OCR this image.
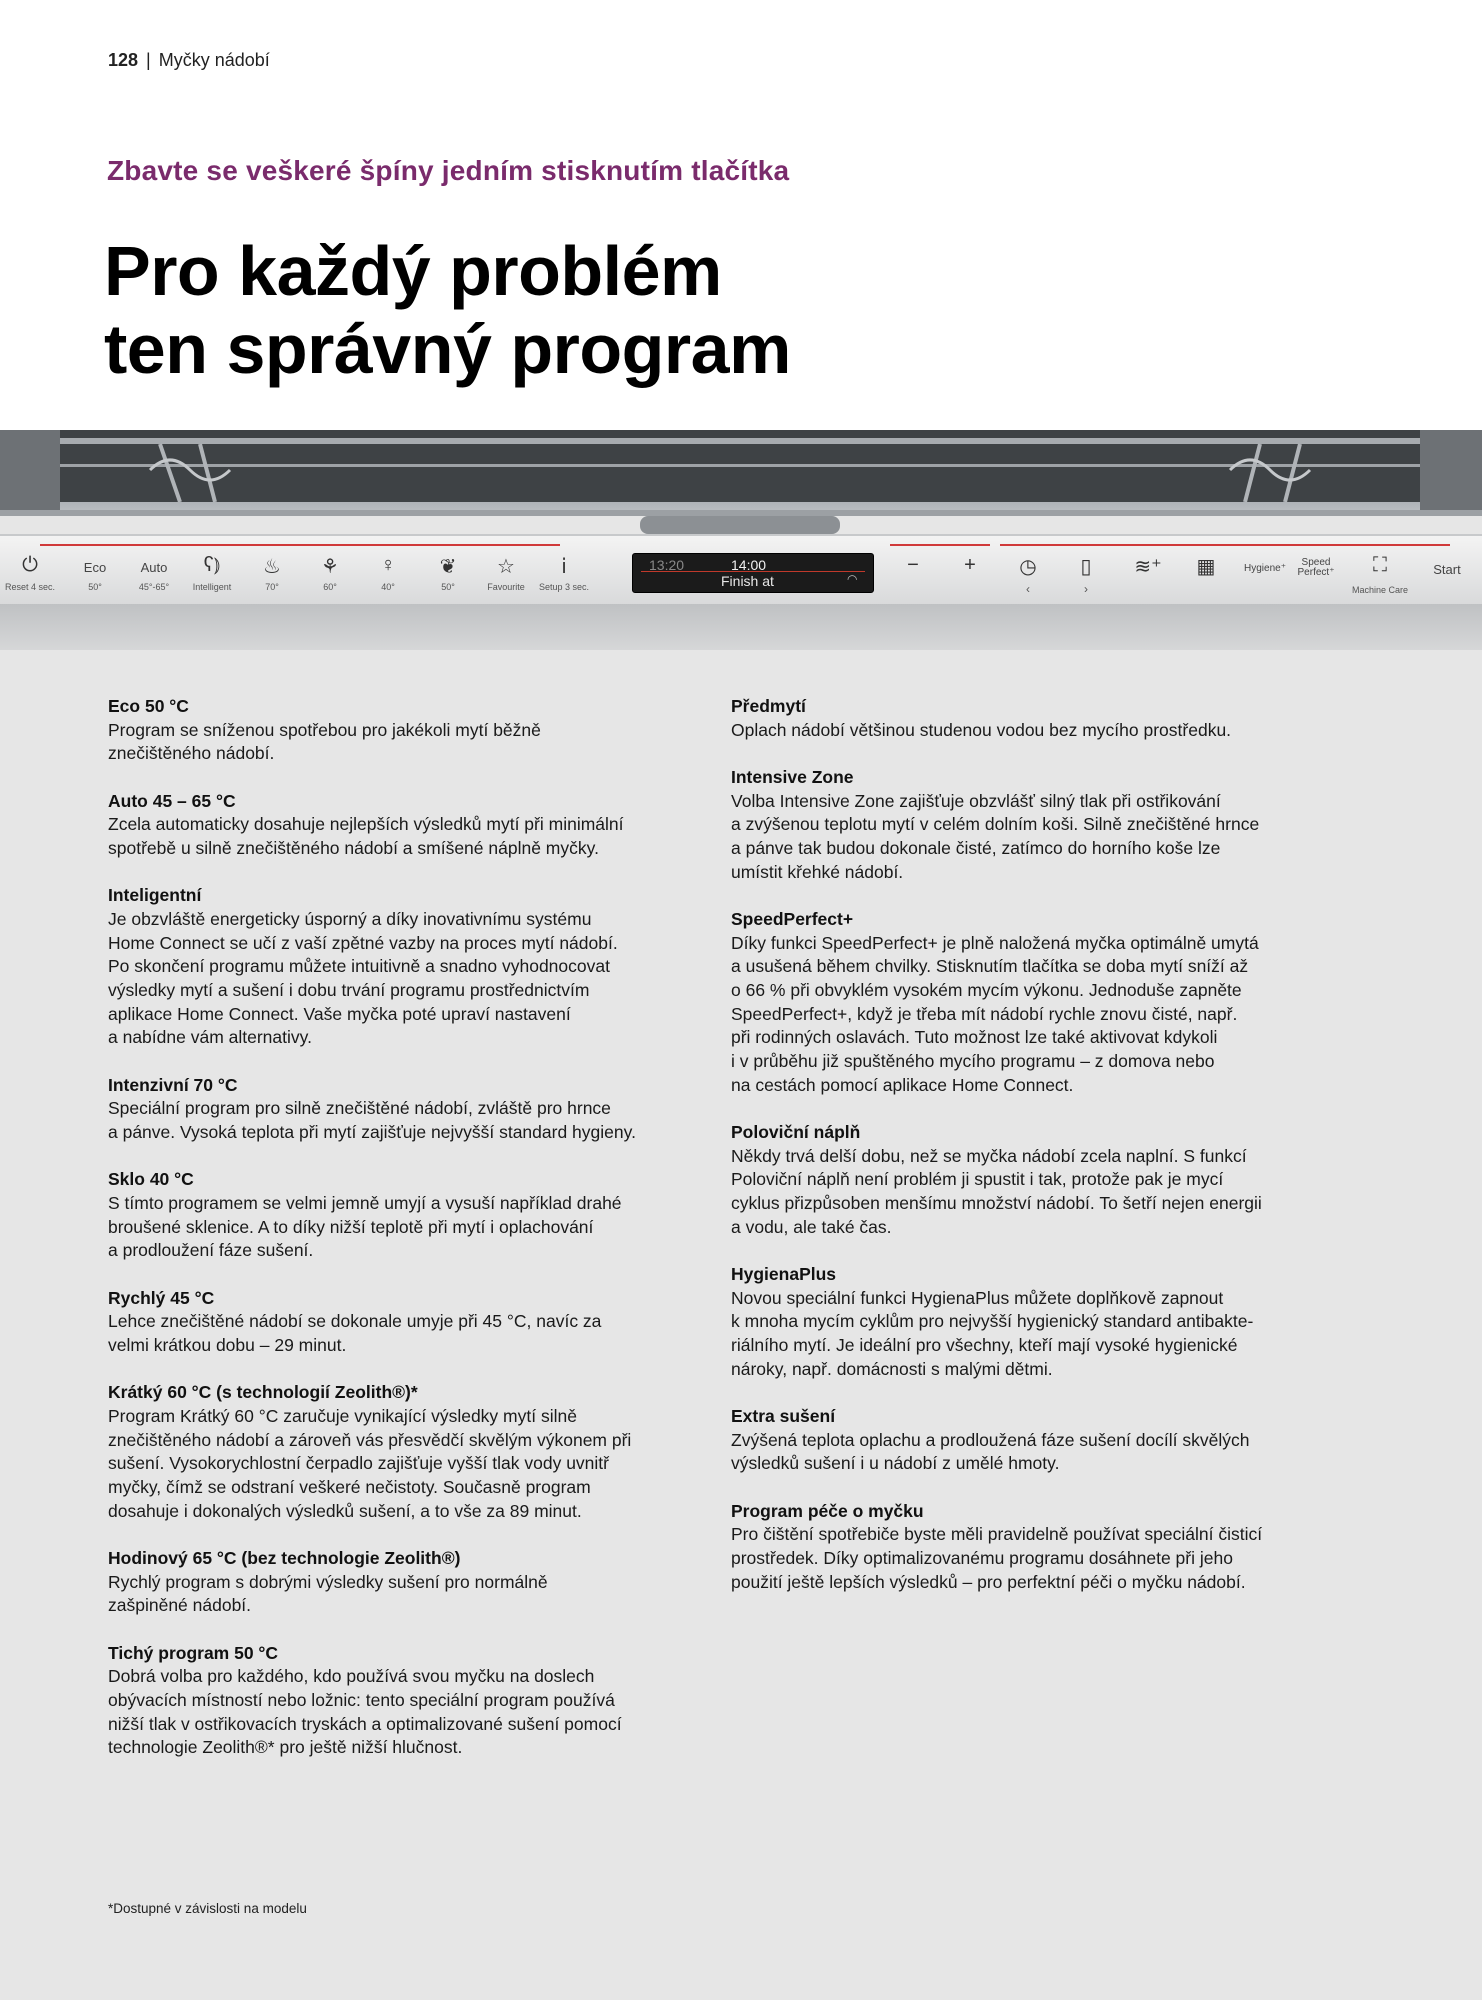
128 | Myčky nádobí
Zbavte se veškeré špíny jedním stisknutím tlačítka
Pro každý problém
ten správný program
⏻
Reset 4 sec.
Eco
50°
Auto
45°-65°
ʕ⦆
Intelligent
♨
70°
⚘
60°
♀
40°
❦
50°
☆
Favourite
ⅰ
Setup 3 sec.
13:20	14:00
Finish at	◠
−	+	◷
‹
▯
›
≋⁺	▦	Hygiene⁺
Speed Perfect⁺	⛶
Machine Care
Start
Eco 50 °C

Program se sníženou spotřebou pro jakékoli mytí běžně
znečištěného nádobí.

Auto 45 – 65 °C

Zcela automaticky dosahuje nejlepších výsledků mytí při minimální
spotřebě u silně znečištěného nádobí a smíšené náplně myčky.

Inteligentní

Je obzvláště energeticky úsporný a díky inovativnímu systému
Home Connect se učí z vaší zpětné vazby na proces mytí nádobí.
Po skončení programu můžete intuitivně a snadno vyhodnocovat
výsledky mytí a sušení i dobu trvání programu prostřednictvím
aplikace Home Connect. Vaše myčka poté upraví nastavení
a nabídne vám alternativy.

Intenzivní 70 °C

Speciální program pro silně znečištěné nádobí, zvláště pro hrnce
a pánve. Vysoká teplota při mytí zajišťuje nejvyšší standard hygieny.

Sklo 40 °C

S tímto programem se velmi jemně umyjí a vysuší například drahé
broušené sklenice. A to díky nižší teplotě při mytí i oplachování
a prodloužení fáze sušení.

Rychlý 45 °C

Lehce znečištěné nádobí se dokonale umyje při 45 °C, navíc za
velmi krátkou dobu – 29 minut.

Krátký 60 °C (s technologií Zeolith®)*

Program Krátký 60 °C zaručuje vynikající výsledky mytí silně
znečištěného nádobí a zároveň vás přesvědčí skvělým výkonem při
sušení. Vysokorychlostní čerpadlo zajišťuje vyšší tlak vody uvnitř
myčky, čímž se odstraní veškeré nečistoty. Současně program
dosahuje i dokonalých výsledků sušení, a to vše za 89 minut.

Hodinový 65 °C (bez technologie Zeolith®)

Rychlý program s dobrými výsledky sušení pro normálně
zašpiněné nádobí.

Tichý program 50 °C

Dobrá volba pro každého, kdo používá svou myčku na doslech
obývacích místností nebo ložnic: tento speciální program používá
nižší tlak v ostřikovacích tryskách a optimalizované sušení pomocí
technologie Zeolith®* pro ještě nižší hlučnost.

Předmytí

Oplach nádobí většinou studenou vodou bez mycího prostředku.

Intensive Zone

Volba Intensive Zone zajišťuje obzvlášť silný tlak při ostřikování
a zvýšenou teplotu mytí v celém dolním koši. Silně znečištěné hrnce
a pánve tak budou dokonale čisté, zatímco do horního koše lze
umístit křehké nádobí.

SpeedPerfect+

Díky funkci SpeedPerfect+ je plně naložená myčka optimálně umytá
a usušená během chvilky. Stisknutím tlačítka se doba mytí sníží až
o 66 % při obvyklém vysokém mycím výkonu. Jednoduše zapněte
SpeedPerfect+, když je třeba mít nádobí rychle znovu čisté, např.
při rodinných oslavách. Tuto možnost lze také aktivovat kdykoli
i v průběhu již spuštěného mycího programu – z domova nebo
na cestách pomocí aplikace Home Connect.

Poloviční náplň

Někdy trvá delší dobu, než se myčka nádobí zcela naplní. S funkcí
Poloviční náplň není problém ji spustit i tak, protože pak je mycí
cyklus přizpůsoben menšímu množství nádobí. To šetří nejen energii
a vodu, ale také čas.

HygienaPlus

Novou speciální funkci HygienaPlus můžete doplňkově zapnout
k mnoha mycím cyklům pro nejvyšší hygienický standard antibakte-
riálního mytí. Je ideální pro všechny, kteří mají vysoké hygienické
nároky, např. domácnosti s malými dětmi.

Extra sušení

Zvýšená teplota oplachu a prodloužená fáze sušení docílí skvělých
výsledků sušení i u nádobí z umělé hmoty.

Program péče o myčku

Pro čištění spotřebiče byste měli pravidelně používat speciální čisticí
prostředek. Díky optimalizovanému programu dosáhnete při jeho
použití ještě lepších výsledků – pro perfektní péči o myčku nádobí.

*Dostupné v závislosti na modelu
